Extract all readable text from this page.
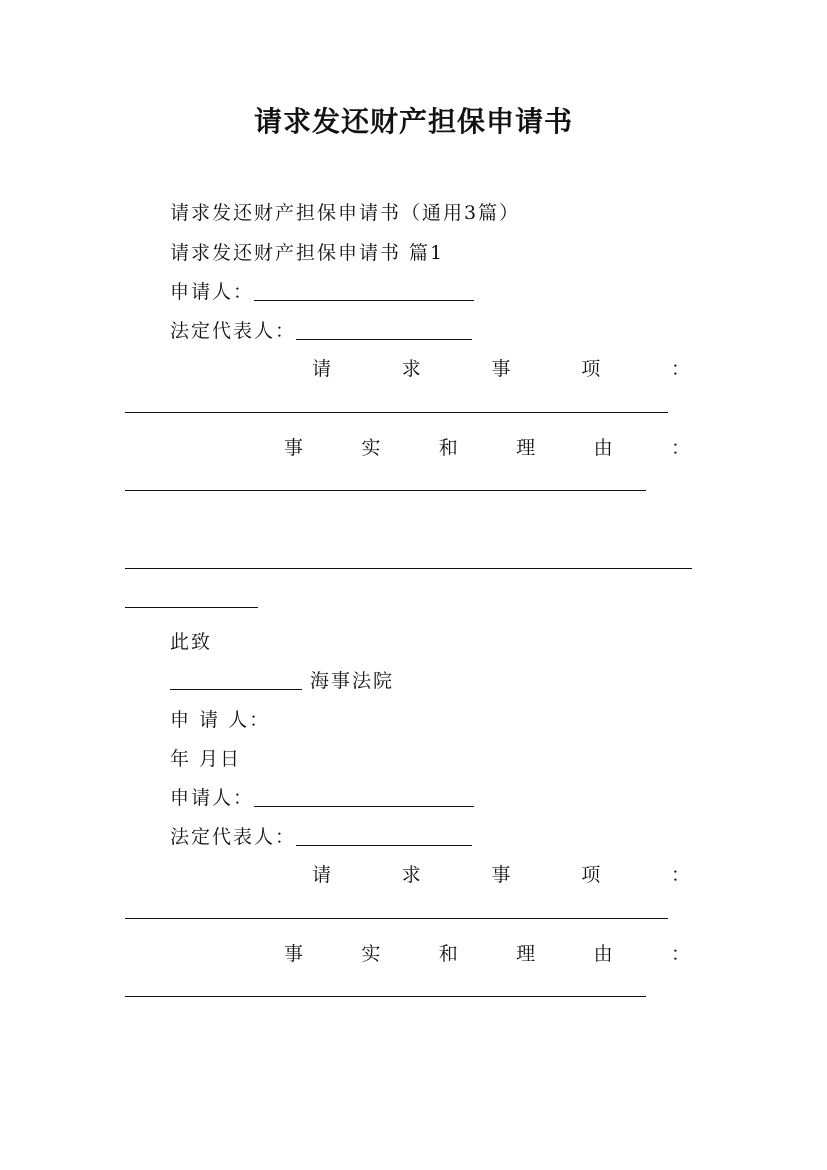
请求发还财产担保申请书
请求发还财产担保申请书（通用3篇）
请求发还财产担保申请书 篇1
申请人：
法定代表人：
请	求	事	项	：
事	实	和	理	由	：
此致
海事法院
申 请 人：
年 月日
申请人：
法定代表人：
请	求	事	项	：
事	实	和	理	由	：
